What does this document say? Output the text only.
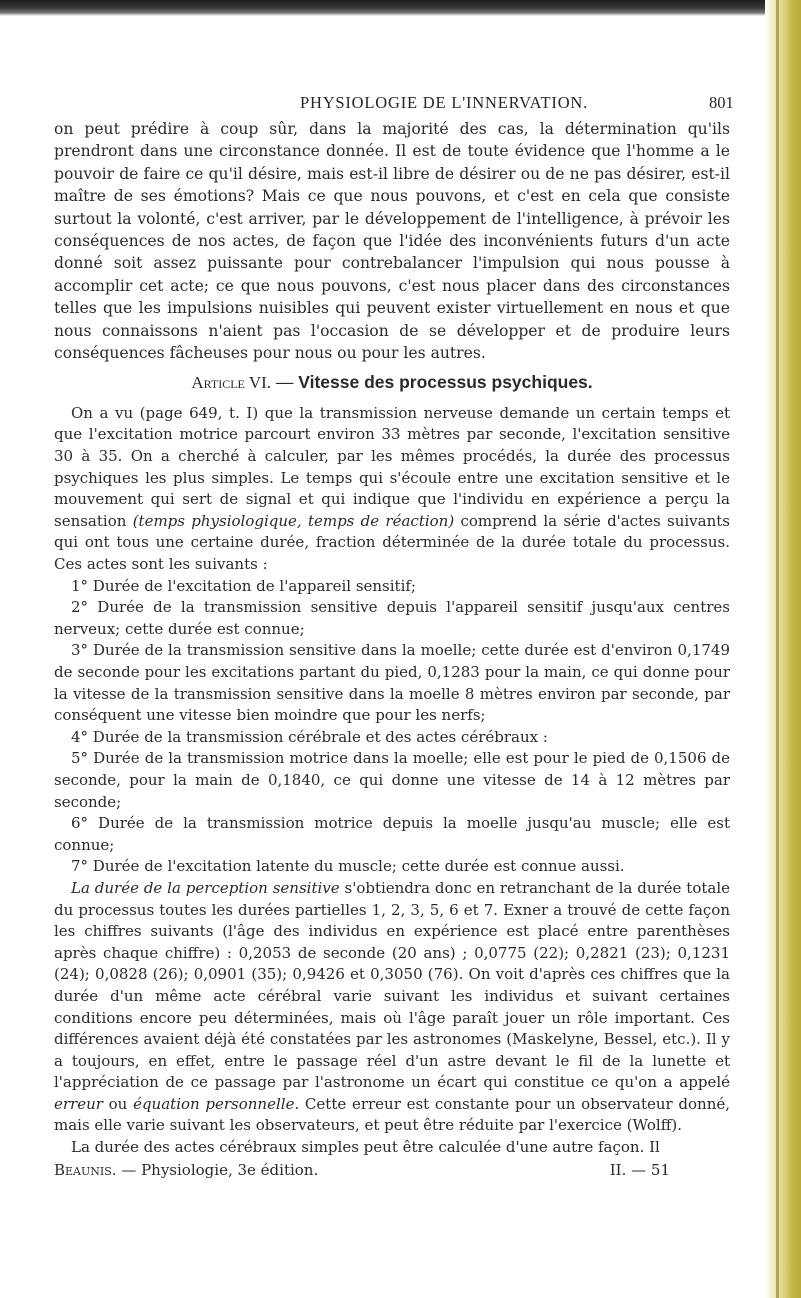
PHYSIOLOGIE DE L'INNERVATION.	801

on peut prédire à coup sûr, dans la majorité des cas, la détermination qu'ils prendront dans une circonstance donnée. Il est de toute évidence que l'homme a le pouvoir de faire ce qu'il désire, mais est-il libre de désirer ou de ne pas désirer, est-il maître de ses émotions? Mais ce que nous pouvons, et c'est en cela que consiste surtout la volonté, c'est arriver, par le développement de l'intelligence, à prévoir les conséquences de nos actes, de façon que l'idée des inconvénients futurs d'un acte donné soit assez puissante pour contrebalancer l'impulsion qui nous pousse à accomplir cet acte; ce que nous pouvons, c'est nous placer dans des circonstances telles que les impulsions nuisibles qui peuvent exister virtuellement en nous et que nous connaissons n'aient pas l'occasion de se développer et de produire leurs conséquences fâcheuses pour nous ou pour les autres.

Article VI. — Vitesse des processus psychiques.

On a vu (page 649, t. I) que la transmission nerveuse demande un certain temps et que l'excitation motrice parcourt environ 33 mètres par seconde, l'excitation sensitive 30 à 35. On a cherché à calculer, par les mêmes procédés, la durée des processus psychiques les plus simples. Le temps qui s'écoule entre une excitation sensitive et le mouvement qui sert de signal et qui indique que l'individu en expérience a perçu la sensation (temps physiologique, temps de réaction) comprend la série d'actes suivants qui ont tous une certaine durée, fraction déterminée de la durée totale du processus. Ces actes sont les suivants :

1° Durée de l'excitation de l'appareil sensitif;

2° Durée de la transmission sensitive depuis l'appareil sensitif jusqu'aux centres nerveux; cette durée est connue;

3° Durée de la transmission sensitive dans la moelle; cette durée est d'environ 0,1749 de seconde pour les excitations partant du pied, 0,1283 pour la main, ce qui donne pour la vitesse de la transmission sensitive dans la moelle 8 mètres environ par seconde, par conséquent une vitesse bien moindre que pour les nerfs;

4° Durée de la transmission cérébrale et des actes cérébraux :

5° Durée de la transmission motrice dans la moelle; elle est pour le pied de 0,1506 de seconde, pour la main de 0,1840, ce qui donne une vitesse de 14 à 12 mètres par seconde;

6° Durée de la transmission motrice depuis la moelle jusqu'au muscle; elle est connue;

7° Durée de l'excitation latente du muscle; cette durée est connue aussi.

La durée de la perception sensitive s'obtiendra donc en retranchant de la durée totale du processus toutes les durées partielles 1, 2, 3, 5, 6 et 7. Exner a trouvé de cette façon les chiffres suivants (l'âge des individus en expérience est placé entre parenthèses après chaque chiffre) : 0,2053 de seconde (20 ans) ; 0,0775 (22); 0,2821 (23); 0,1231 (24); 0,0828 (26); 0,0901 (35); 0,9426 et 0,3050 (76). On voit d'après ces chiffres que la durée d'un même acte cérébral varie suivant les individus et suivant certaines conditions encore peu déterminées, mais où l'âge paraît jouer un rôle important. Ces différences avaient déjà été constatées par les astronomes (Maskelyne, Bessel, etc.). Il y a toujours, en effet, entre le passage réel d'un astre devant le fil de la lunette et l'appréciation de ce passage par l'astronome un écart qui constitue ce qu'on a appelé erreur ou équation personnelle. Cette erreur est constante pour un observateur donné, mais elle varie suivant les observateurs, et peut être réduite par l'exercice (Wolff).

La durée des actes cérébraux simples peut être calculée d'une autre façon. Il

Beaunis. — Physiologie, 3e édition.	II. — 51
